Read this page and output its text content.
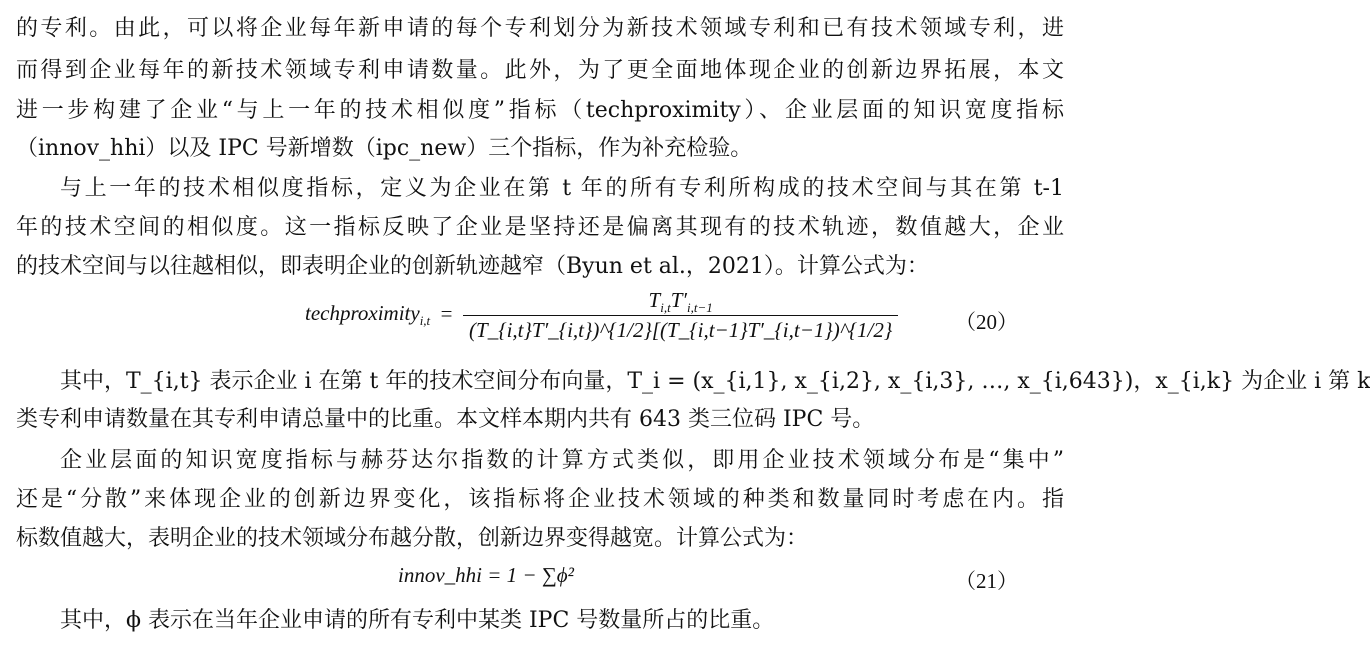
的专利。由此，可以将企业每年新申请的每个专利划分为新技术领域专利和已有技术领域专利，进
而得到企业每年的新技术领域专利申请数量。此外，为了更全面地体现企业的创新边界拓展，本文
进一步构建了企业“与上一年的技术相似度”指标（techproximity）、企业层面的知识宽度指标
（innov_hhi）以及 IPC 号新增数（ipc_new）三个指标，作为补充检验。
与上一年的技术相似度指标，定义为企业在第 t 年的所有专利所构成的技术空间与其在第 t-1
年的技术空间的相似度。这一指标反映了企业是坚持还是偏离其现有的技术轨迹，数值越大，企业
的技术空间与以往越相似，即表明企业的创新轨迹越窄（Byun et al.，2021）。计算公式为：
techproximity$_{i,t}$  = $\frac{T_{i,t}T'_{i,t-1}}{(T\_\{i,t\}T'\_\{i,t\})\^{}\{1/2\}[(T\_\{i,t-1\}T'\_\{i,t-1\})\^{}\{1/2\}}$	（20）
其中，T_{i,t} 表示企业 i 在第 t 年的技术空间分布向量，T_i = (x_{i,1}, x_{i,2}, x_{i,3}, …, x_{i,643})，x_{i,k} 为企业 i 第 k
类专利申请数量在其专利申请总量中的比重。本文样本期内共有 643 类三位码 IPC 号。
企业层面的知识宽度指标与赫芬达尔指数的计算方式类似，即用企业技术领域分布是“集中”
还是“分散”来体现企业的创新边界变化，该指标将企业技术领域的种类和数量同时考虑在内。指
标数值越大，表明企业的技术领域分布越分散，创新边界变得越宽。计算公式为：
innov_hhi = 1 − ∑ϕ²	（21）
其中，ϕ 表示在当年企业申请的所有专利中某类 IPC 号数量所占的比重。
